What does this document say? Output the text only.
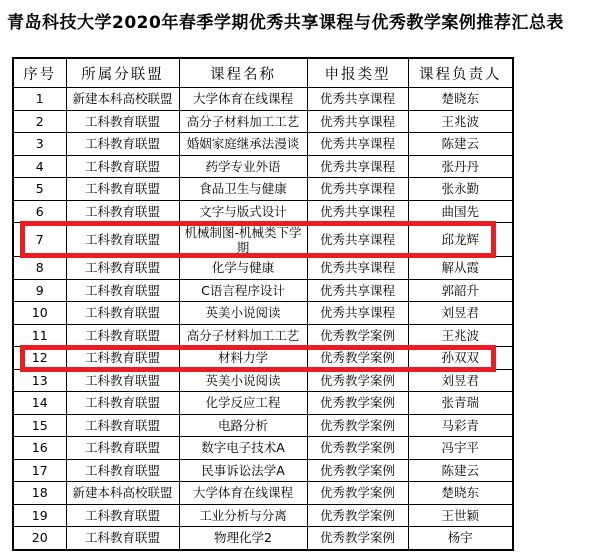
青岛科技大学2020年春季学期优秀共享课程与优秀教学案例推荐汇总表
序号	所属分联盟	课程名称	申报类型	课程负责人
1	新建本科高校联盟	大学体育在线课程	优秀共享课程	楚晓东
2	工科教育联盟	高分子材料加工工艺	优秀共享课程	王兆波
3	工科教育联盟	婚姻家庭继承法漫谈	优秀共享课程	陈建云
4	工科教育联盟	药学专业外语	优秀共享课程	张丹丹
5	工科教育联盟	食品卫生与健康	优秀共享课程	张永勤
6	工科教育联盟	文字与版式设计	优秀共享课程	曲国先
7	工科教育联盟	机械制图-机械类下学期	优秀共享课程	邱龙辉
8	工科教育联盟	化学与健康	优秀共享课程	解从霞
9	工科教育联盟	C语言程序设计	优秀共享课程	郭韶升
10	工科教育联盟	英美小说阅读	优秀共享课程	刘昱君
11	工科教育联盟	高分子材料加工工艺	优秀教学案例	王兆波
12	工科教育联盟	材料力学	优秀教学案例	孙双双
13	工科教育联盟	英美小说阅读	优秀教学案例	刘昱君
14	工科教育联盟	化学反应工程	优秀教学案例	张青瑞
15	工科教育联盟	电路分析	优秀教学案例	马彩青
16	工科教育联盟	数字电子技术A	优秀教学案例	冯宇平
17	工科教育联盟	民事诉讼法学A	优秀教学案例	陈建云
18	新建本科高校联盟	大学体育在线课程	优秀教学案例	楚晓东
19	工科教育联盟	工业分析与分离	优秀教学案例	王世颖
20	工科教育联盟	物理化学2	优秀教学案例	杨宇
